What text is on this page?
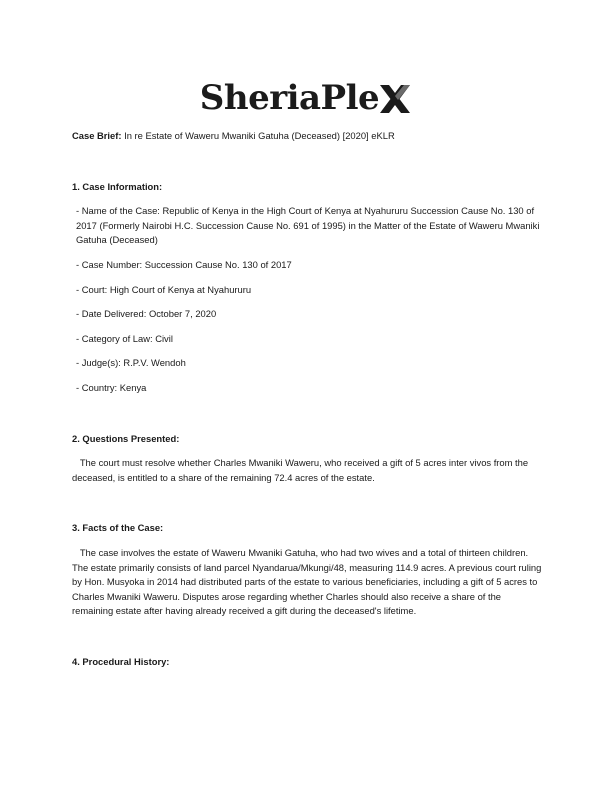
SheriaPle

Case Brief: In re Estate of Waweru Mwaniki Gatuha (Deceased) [2020] eKLR

1. Case Information:

- Name of the Case: Republic of Kenya in the High Court of Kenya at Nyahururu Succession Cause No. 130 of 2017 (Formerly Nairobi H.C. Succession Cause No. 691 of 1995) in the Matter of the Estate of Waweru Mwaniki Gatuha (Deceased)

- Case Number: Succession Cause No. 130 of 2017

- Court: High Court of Kenya at Nyahururu

- Date Delivered: October 7, 2020

- Category of Law: Civil

- Judge(s): R.P.V. Wendoh

- Country: Kenya

2. Questions Presented:

The court must resolve whether Charles Mwaniki Waweru, who received a gift of 5 acres inter vivos from the deceased, is entitled to a share of the remaining 72.4 acres of the estate.

3. Facts of the Case:

The case involves the estate of Waweru Mwaniki Gatuha, who had two wives and a total of thirteen children. The estate primarily consists of land parcel Nyandarua/Mkungi/48, measuring 114.9 acres. A previous court ruling by Hon. Musyoka in 2014 had distributed parts of the estate to various beneficiaries, including a gift of 5 acres to Charles Mwaniki Waweru. Disputes arose regarding whether Charles should also receive a share of the remaining estate after having already received a gift during the deceased's lifetime.

4. Procedural History:
